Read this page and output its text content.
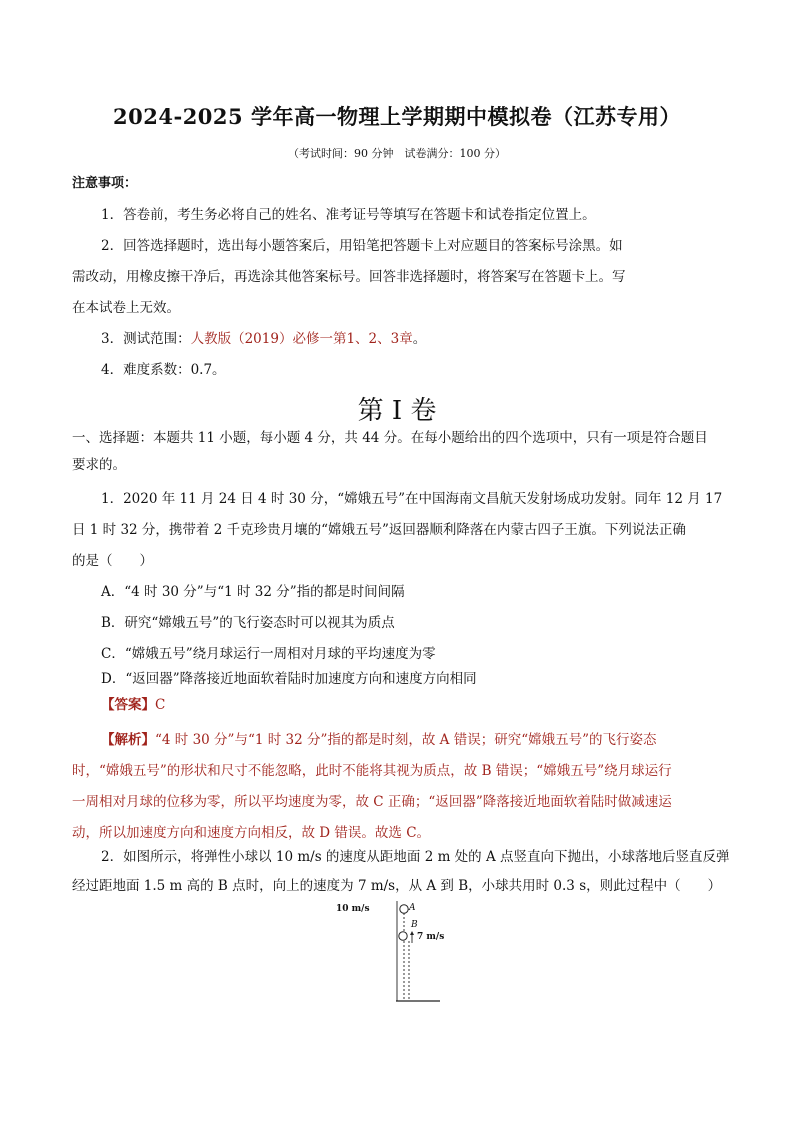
2024-2025 学年高一物理上学期期中模拟卷（江苏专用）
（考试时间：90 分钟　试卷满分：100 分）
注意事项：
1．答卷前，考生务必将自己的姓名、准考证号等填写在答题卡和试卷指定位置上。
2．回答选择题时，选出每小题答案后，用铅笔把答题卡上对应题目的答案标号涂黑。如
需改动，用橡皮擦干净后，再选涂其他答案标号。回答非选择题时，将答案写在答题卡上。写
在本试卷上无效。
3．测试范围：人教版（2019）必修一第1、2、3章。
4．难度系数：0.7。
第 I 卷
一、选择题：本题共 11 小题，每小题 4 分，共 44 分。在每小题给出的四个选项中，只有一项是符合题目
要求的。
1．2020 年 11 月 24 日 4 时 30 分，“嫦娥五号”在中国海南文昌航天发射场成功发射。同年 12 月 17
日 1 时 32 分，携带着 2 千克珍贵月壤的“嫦娥五号”返回器顺利降落在内蒙古四子王旗。下列说法正确
的是（　　）
A．“4 时 30 分”与“1 时 32 分”指的都是时间间隔
B．研究“嫦娥五号”的飞行姿态时可以视其为质点
C．“嫦娥五号”绕月球运行一周相对月球的平均速度为零
D．“返回器”降落接近地面软着陆时加速度方向和速度方向相同
【答案】C
【解析】“4 时 30 分”与“1 时 32 分”指的都是时刻，故 A 错误；研究“嫦娥五号”的飞行姿态
时，“嫦娥五号”的形状和尺寸不能忽略，此时不能将其视为质点，故 B 错误；“嫦娥五号”绕月球运行
一周相对月球的位移为零，所以平均速度为零，故 C 正确；“返回器”降落接近地面软着陆时做减速运
动，所以加速度方向和速度方向相反，故 D 错误。故选 C。
2．如图所示，将弹性小球以 10 m/s 的速度从距地面 2 m 处的 A 点竖直向下抛出，小球落地后竖直反弹
经过距地面 1.5 m 高的 B 点时，向上的速度为 7 m/s，从 A 到 B，小球共用时 0.3 s，则此过程中（　　）
10 m/s	A
B
7 m/s
